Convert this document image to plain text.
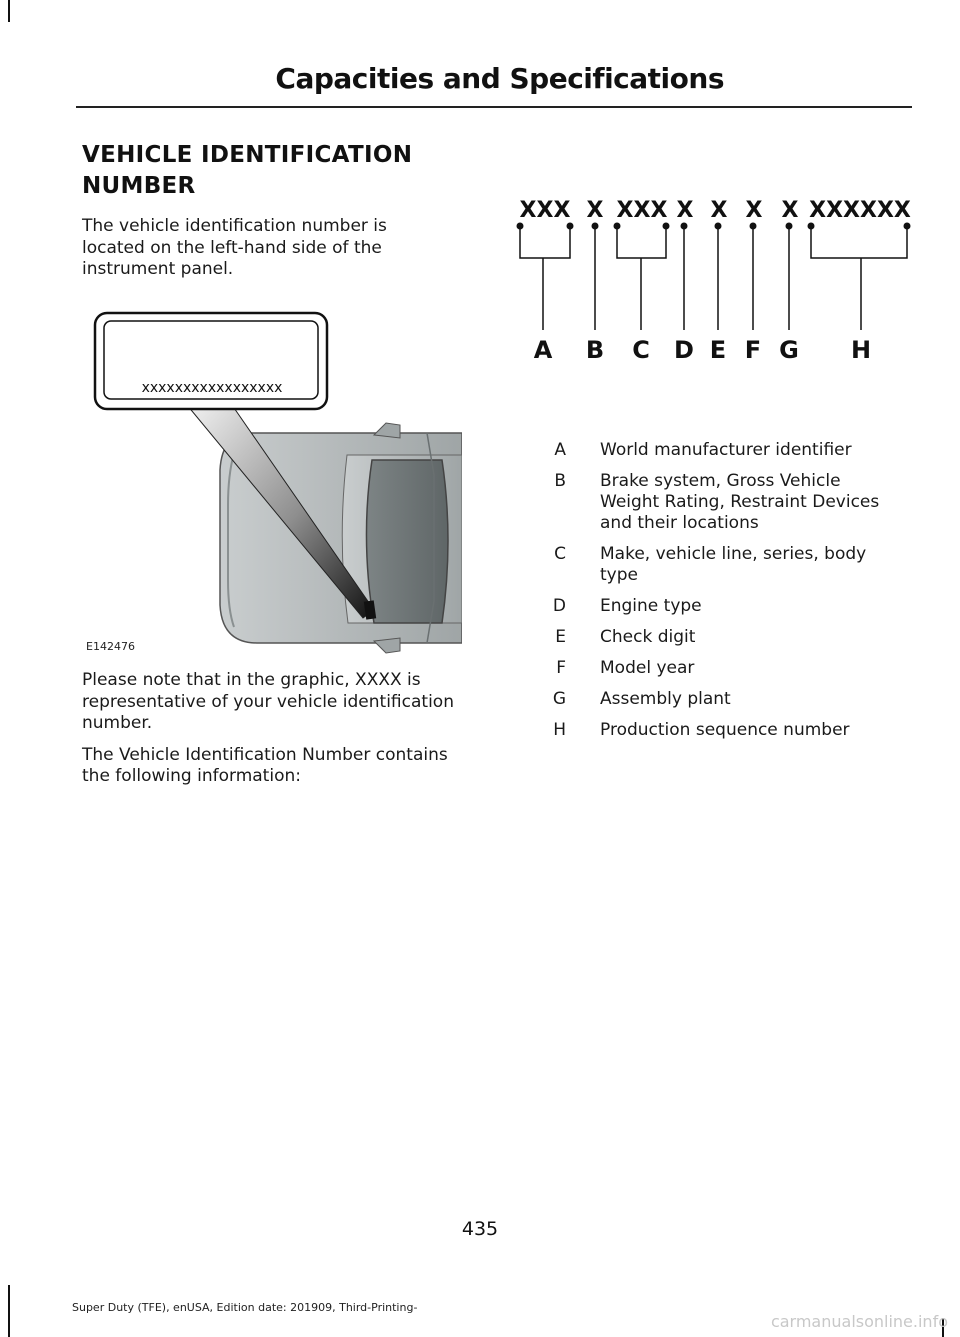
Capacities and Specifications
VEHICLE IDENTIFICATION NUMBER

The vehicle identification number is located on the left-hand side of the instrument panel.

xxxxxxxxxxxxxxxxx
E142476

Please note that in the graphic, XXXX is representative of your vehicle identification number.

The Vehicle Identification Number contains the following information:

XXX X XXX X X X X XXXXXX
A B C D E F G H
A World manufacturer identifier
B Brake system, Gross Vehicle Weight Rating, Restraint Devices and their locations
C Make, vehicle line, series, body type
D Engine type
E Check digit
F Model year
G Assembly plant
H Production sequence number
435
Super Duty (TFE), enUSA, Edition date: 201909, Third-Printing-
carmanualsonline.info
